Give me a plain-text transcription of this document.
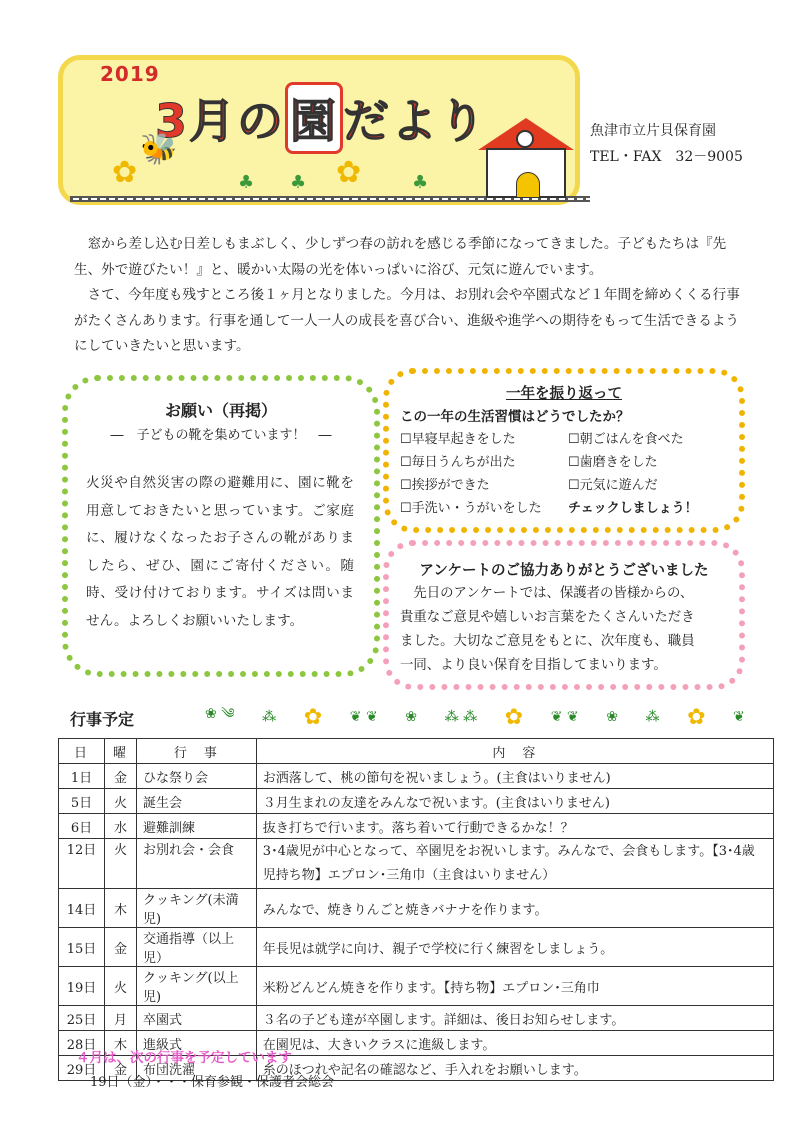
2019
3月の 園 だより
🐝
✿	✿
♣ ♣	♣
魚津市立片貝保育園
TEL・FAX　32－9005

窓から差し込む日差しもまぶしく、少しずつ春の訪れを感じる季節になってきました。子どもたちは『先生、外で遊びたい！』と、暖かい太陽の光を体いっぱいに浴び、元気に遊んでいます。

さて、今年度も残すところ後１ヶ月となりました。今月は、お別れ会や卒園式など１年間を締めくくる行事がたくさんあります。行事を通して一人一人の成長を喜び合い、進級や進学への期待をもって生活できるようにしていきたいと思います。

お願い（再掲）
―　子どもの靴を集めています！　―
火災や自然災害の際の避難用に、園に靴を用意しておきたいと思っています。ご家庭に、履けなくなったお子さんの靴がありましたら、ぜひ、園にご寄付ください。随時、受け付けております。サイズは問いません。よろしくお願いいたします。
一年を振り返って
この一年の生活習慣はどうでしたか？
☐早寝早起きをした	☐朝ごはんを食べた
☐毎日うんちが出た	☐歯磨きをした
☐挨拶ができた	☐元気に遊んだ
☐手洗い・うがいをした	チェックしましょう！
アンケートのご協力ありがとうございました
　先日のアンケートでは、保護者の皆様からの、
貴重なご意見や嬉しいお言葉をたくさんいただき
ました。大切なご意見をもとに、次年度も、職員
一同、より良い保育を目指してまいります。
行事予定	❀ ༄ ⁂ ✿ ❦ ❦ ❀ ⁂ ⁂ ✿ ❦ ❦ ❀ ⁂ ✿ ❦
日	曜	行　事	内　容
1日	金	ひな祭り会	お洒落して、桃の節句を祝いましょう。(主食はいりません)
5日	火	誕生会	３月生まれの友達をみんなで祝います。(主食はいりません)
6日	水	避難訓練	抜き打ちで行います。落ち着いて行動できるかな！？
12日	火	お別れ会・会食	3･4歳児が中心となって、卒園児をお祝いします。みんなで、会食もします。【3･4歳児持ち物】エプロン･三角巾（主食はいりません）
14日	木	クッキング(未満児)	みんなで、焼きりんごと焼きバナナを作ります。
15日	金	交通指導（以上児）	年長児は就学に向け、親子で学校に行く練習をしましょう。
19日	火	クッキング(以上児)	米粉どんどん焼きを作ります。【持ち物】エプロン･三角巾
25日	月	卒園式	３名の子ども達が卒園します。詳細は、後日お知らせします。
28日	木	進級式	在園児は、大きいクラスに進級します。
29日	金	布団洗濯	糸のほつれや記名の確認など、手入れをお願いします。
４月は、次の行事を予定しています
19日（金）・・・保育参観・保護者会総会
